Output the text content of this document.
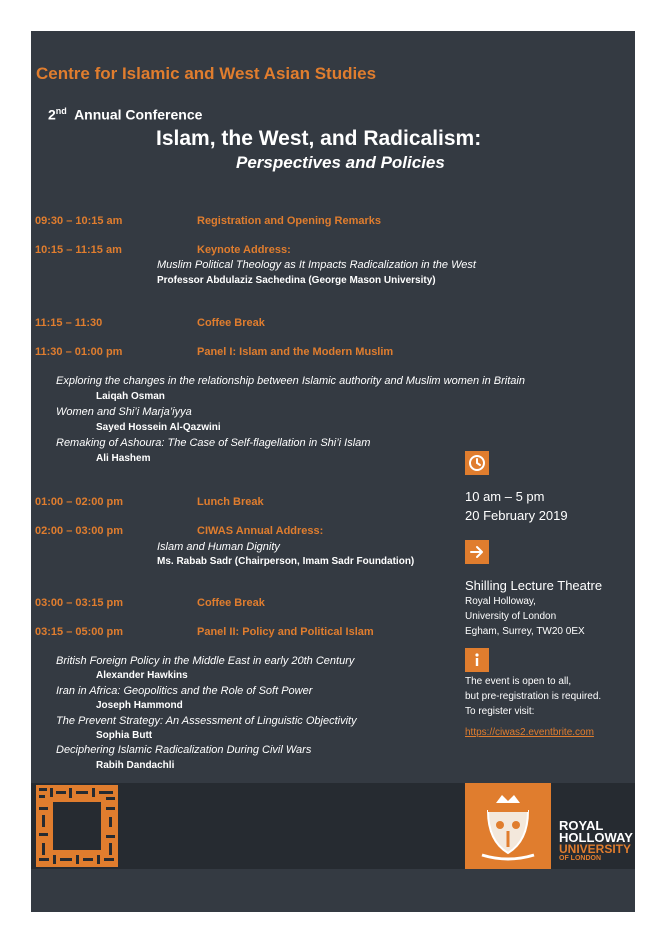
Centre for Islamic and West Asian Studies
2nd Annual Conference
Islam, the West, and Radicalism:
Perspectives and Policies
09:30 – 10:15 am	Registration and Opening Remarks
10:15 – 11:15 am	Keynote Address:
Muslim Political Theology as It Impacts Radicalization in the West
Professor Abdulaziz Sachedina (George Mason University)
11:15 – 11:30	Coffee Break
11:30 – 01:00 pm	Panel I: Islam and the Modern Muslim
Exploring the changes in the relationship between Islamic authority and Muslim women in Britain
Laiqah Osman
Women and Shi’i Marja’iyya
Sayed Hossein Al-Qazwini
Remaking of Ashoura: The Case of Self-flagellation in Shi’i Islam
Ali Hashem
01:00 – 02:00 pm	Lunch Break
02:00 – 03:00 pm	CIWAS Annual Address:
Islam and Human Dignity
Ms. Rabab Sadr (Chairperson, Imam Sadr Foundation)
03:00 – 03:15 pm	Coffee Break
03:15 – 05:00 pm	Panel II: Policy and Political Islam
British Foreign Policy in the Middle East in early 20th Century
Alexander Hawkins
Iran in Africa: Geopolitics and the Role of Soft Power
Joseph Hammond
The Prevent Strategy: An Assessment of Linguistic Objectivity
Sophia Butt
Deciphering Islamic Radicalization During Civil Wars
Rabih Dandachli
10 am – 5 pm
20 February 2019
Shilling Lecture Theatre
Royal Holloway,
University of London
Egham, Surrey, TW20 0EX
The event is open to all,
but pre-registration is required.
To register visit:
https://ciwas2.eventbrite.com
ROYAL
HOLLOWAY
UNIVERSITY
OF LONDON
